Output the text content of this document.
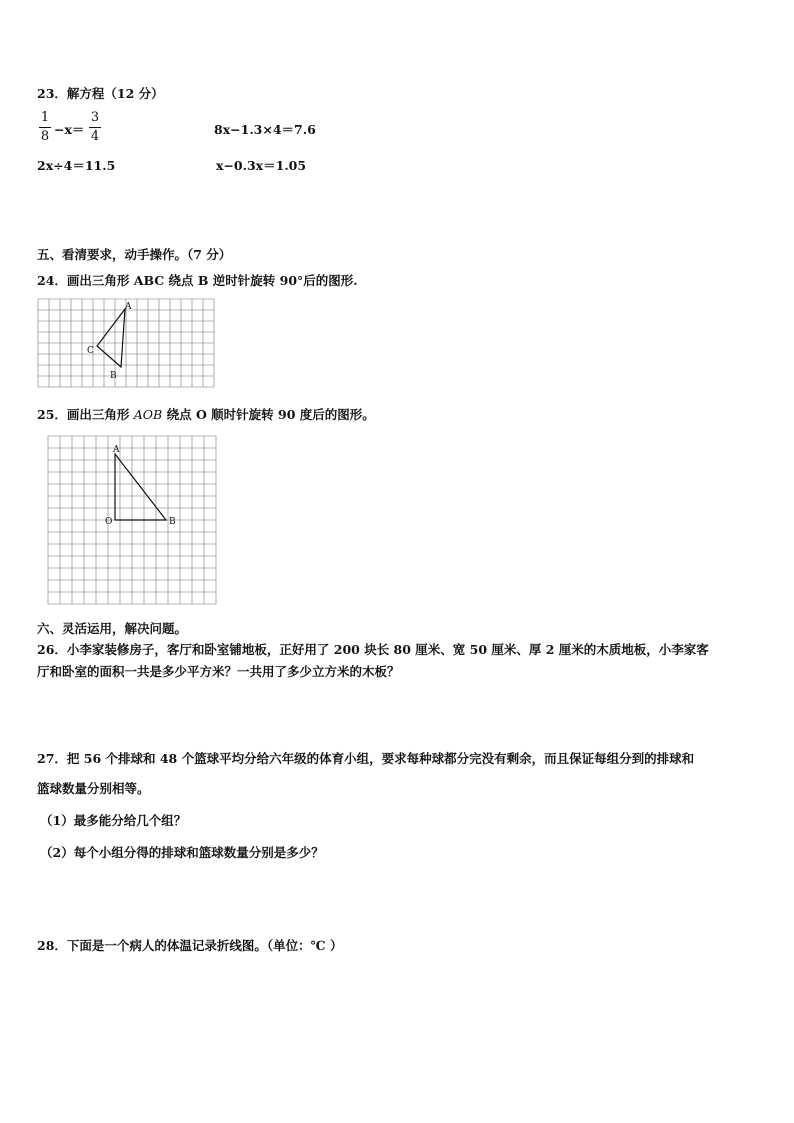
23．解方程（12 分）
1
8 −x＝
3
4	8x−1.3×4＝7.6
2x÷4＝11.5	x−0.3x＝1.05
五、看清要求，动手操作。（7 分）
24．画出三角形 ABC 绕点 B 逆时针旋转 90°后的图形.
A
C
B
25．画出三角形 AOB 绕点 O 顺时针旋转 90 度后的图形。
A
O	B
六、灵活运用，解决问题。
26．小李家装修房子，客厅和卧室铺地板，正好用了 200 块长 80 厘米、宽 50 厘米、厚 2 厘米的木质地板，小李家客
厅和卧室的面积一共是多少平方米？一共用了多少立方米的木板？
27．把 56 个排球和 48 个篮球平均分给六年级的体育小组，要求每种球都分完没有剩余，而且保证每组分到的排球和
篮球数量分别相等。
（1）最多能分给几个组？
（2）每个小组分得的排球和篮球数量分别是多少？
28．下面是一个病人的体温记录折线图。（单位：℃ ）
